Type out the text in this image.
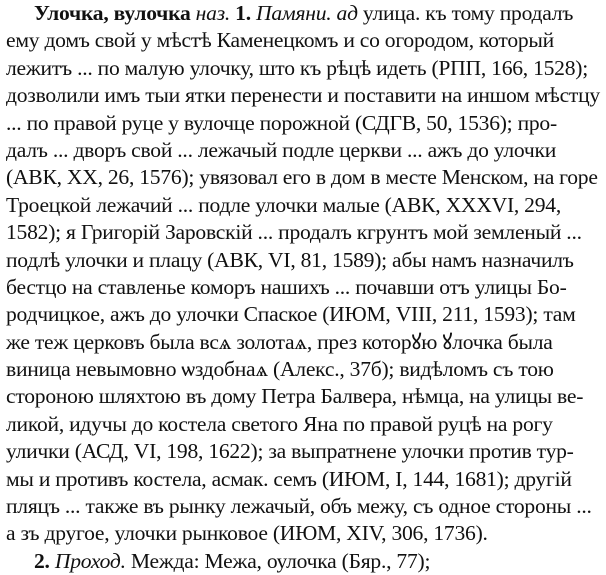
Улочка, вулочка наз. 1. Памяни. ад улица. къ тому продалъ
ему домъ свой у мѣстѣ Каменецкомъ и со огородом, который
лежитъ ... по малую улочку, што къ рѣцѣ идеть (РПП, 166, 1528);
дозволили имъ тыи ятки перенести и поставити на иншом мѣстцу
... по правой руце у вулочце порожной (СДГВ, 50, 1536); про-
далъ ... дворъ свой ... лежачый подле церкви ... ажъ до улочки
(АВК, XX, 26, 1576); увязовал его в дом в месте Менском, на горе
Троецкой лежачий ... подле улочки малые (АВК, XXXVI, 294,
1582); я Григорій Заровскій ... продалъ кгрунтъ мой земленый ...
подлѣ улочки и плацу (АВК, VI, 81, 1589); абы намъ назначилъ
бестцо на ставленье коморъ нашихъ ... почавши отъ улицы Бо-
родчицкое, ажъ до улочки Спаское (ИЮМ, VIII, 211, 1593); там
же теж церковъ была всѧ золотаѧ, през которꙋю ꙋлочка была
виница невымовно ѡздобнаѧ (Алекс., 37б); видѣломъ съ тою
стороною шляхтою въ дому Петра Балвера, нѣмца, на улицы ве-
ликой, идучы до костела светого Яна по правой руцѣ на рогу
улички (АСД, VI, 198, 1622); за выпратнене улочки против тур-
мы и противъ костела, асмак. семъ (ИЮМ, I, 144, 1681); другій
пляцъ ... также въ рынку лежачый, объ межу, съ одное стороны ...
а зъ другое, улочки рынковое (ИЮМ, XIV, 306, 1736).
2. Проход. Межда: Межа, оулочка (Бяр., 77);
